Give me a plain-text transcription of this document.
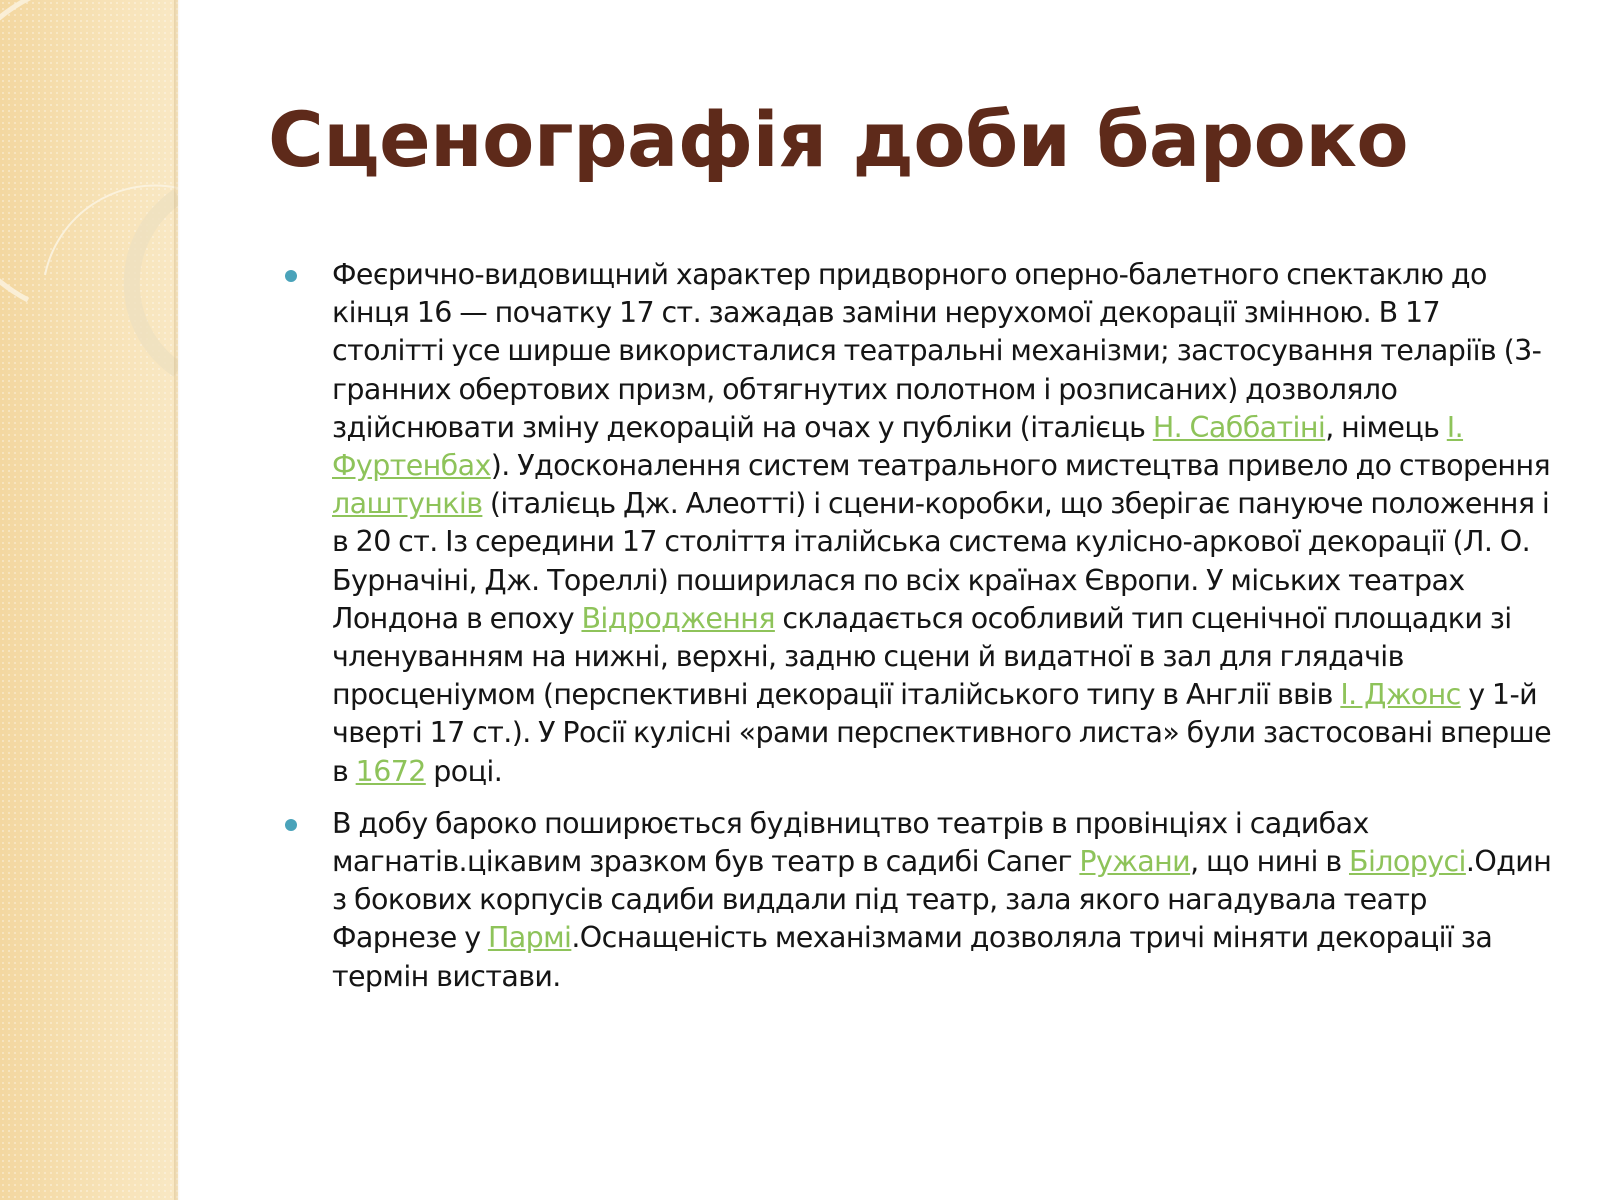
Сценографія доби бароко
Феєрично-видовищний характер придворного оперно-балетного спектаклю до кінця 16 — початку 17 ст. зажадав заміни нерухомої декорації змінною. В 17 столітті усе ширше використалися театральні механізми; застосування теларіїв (3-гранних обертових призм, обтягнутих полотном і розписаних) дозволяло здійснювати зміну декорацій на очах у публіки (італієць Н. Саббатіні, німець І. Фуртенбах). Удосконалення систем театрального мистецтва привело до створення лаштунків (італієць Дж. Алеотті) і сцени-коробки, що зберігає пануюче положення і в 20 ст. Із середини 17 століття італійська система кулісно-аркової декорації (Л. О. Бурначіні, Дж. Тореллі) поширилася по всіх країнах Європи. У міських театрах Лондона в епоху Відродження складається особливий тип сценічної площадки зі членуванням на нижні, верхні, задню сцени й видатної в зал для глядачів просценіумом (перспективні декорації італійського типу в Англії ввів І. Джонс у 1-й чверті 17 ст.). У Росії кулісні «рами перспективного листа» були застосовані вперше в 1672 році.
В добу бароко поширюється будівництво театрів в провінціях і садибах магнатів.цікавим зразком був театр в садибі Сапег Ружани, що нині в Білорусі.Один з бокових корпусів садиби виддали під театр, зала якого нагадувала театр Фарнезе у Пармі.Оснащеність механізмами дозволяла тричі міняти декорації за термін вистави.
